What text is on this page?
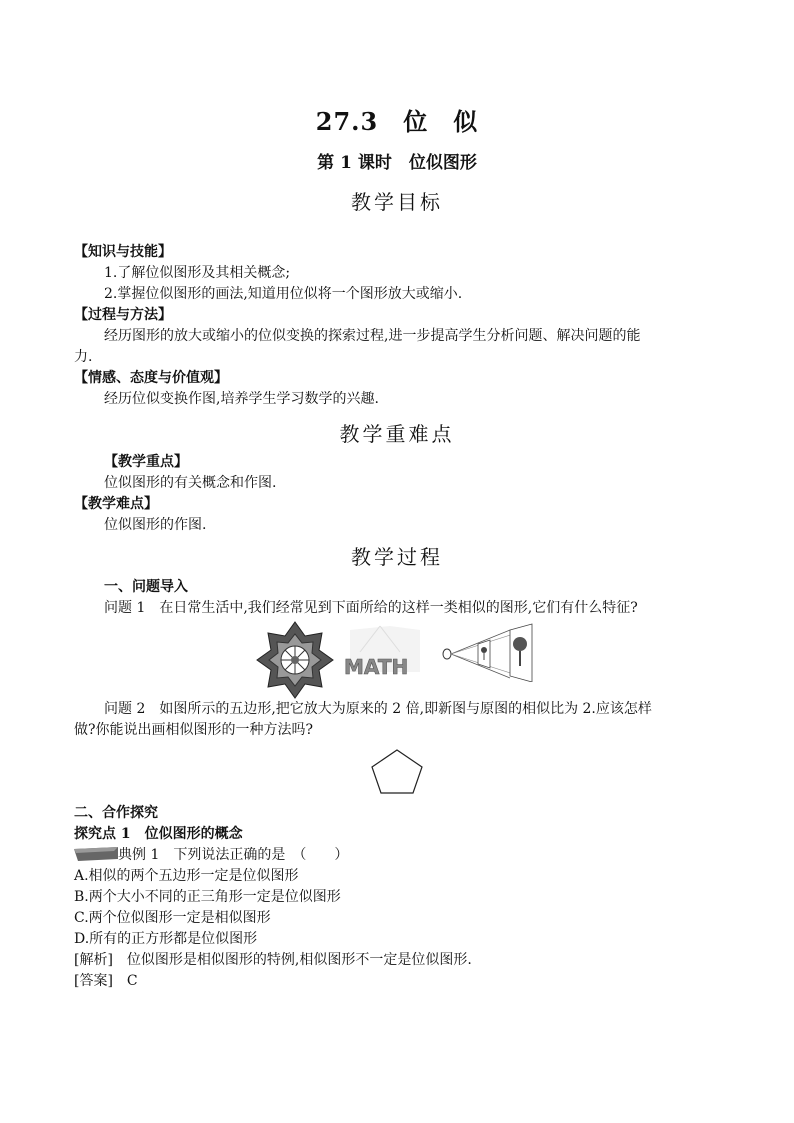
27.3　位　似
第 1 课时　位似图形
教学目标
【知识与技能】
1.了解位似图形及其相关概念;
2.掌握位似图形的画法,知道用位似将一个图形放大或缩小.
【过程与方法】
经历图形的放大或缩小的位似变换的探索过程,进一步提高学生分析问题、解决问题的能
力.
【情感、态度与价值观】
经历位似变换作图,培养学生学习数学的兴趣.
教学重难点
【教学重点】
位似图形的有关概念和作图.
【教学难点】
位似图形的作图.
教学过程
一、问题导入
问题 1　在日常生活中,我们经常见到下面所给的这样一类相似的图形,它们有什么特征?
MATH
问题 2　如图所示的五边形,把它放大为原来的 2 倍,即新图与原图的相似比为 2.应该怎样
做?你能说出画相似图形的一种方法吗?
二、合作探究
探究点 1　位似图形的概念
典例 1　下列说法正确的是　（　　）
A.相似的两个五边形一定是位似图形
B.两个大小不同的正三角形一定是位似图形
C.两个位似图形一定是相似图形
D.所有的正方形都是位似图形
[解析]　位似图形是相似图形的特例,相似图形不一定是位似图形.
[答案]　C
